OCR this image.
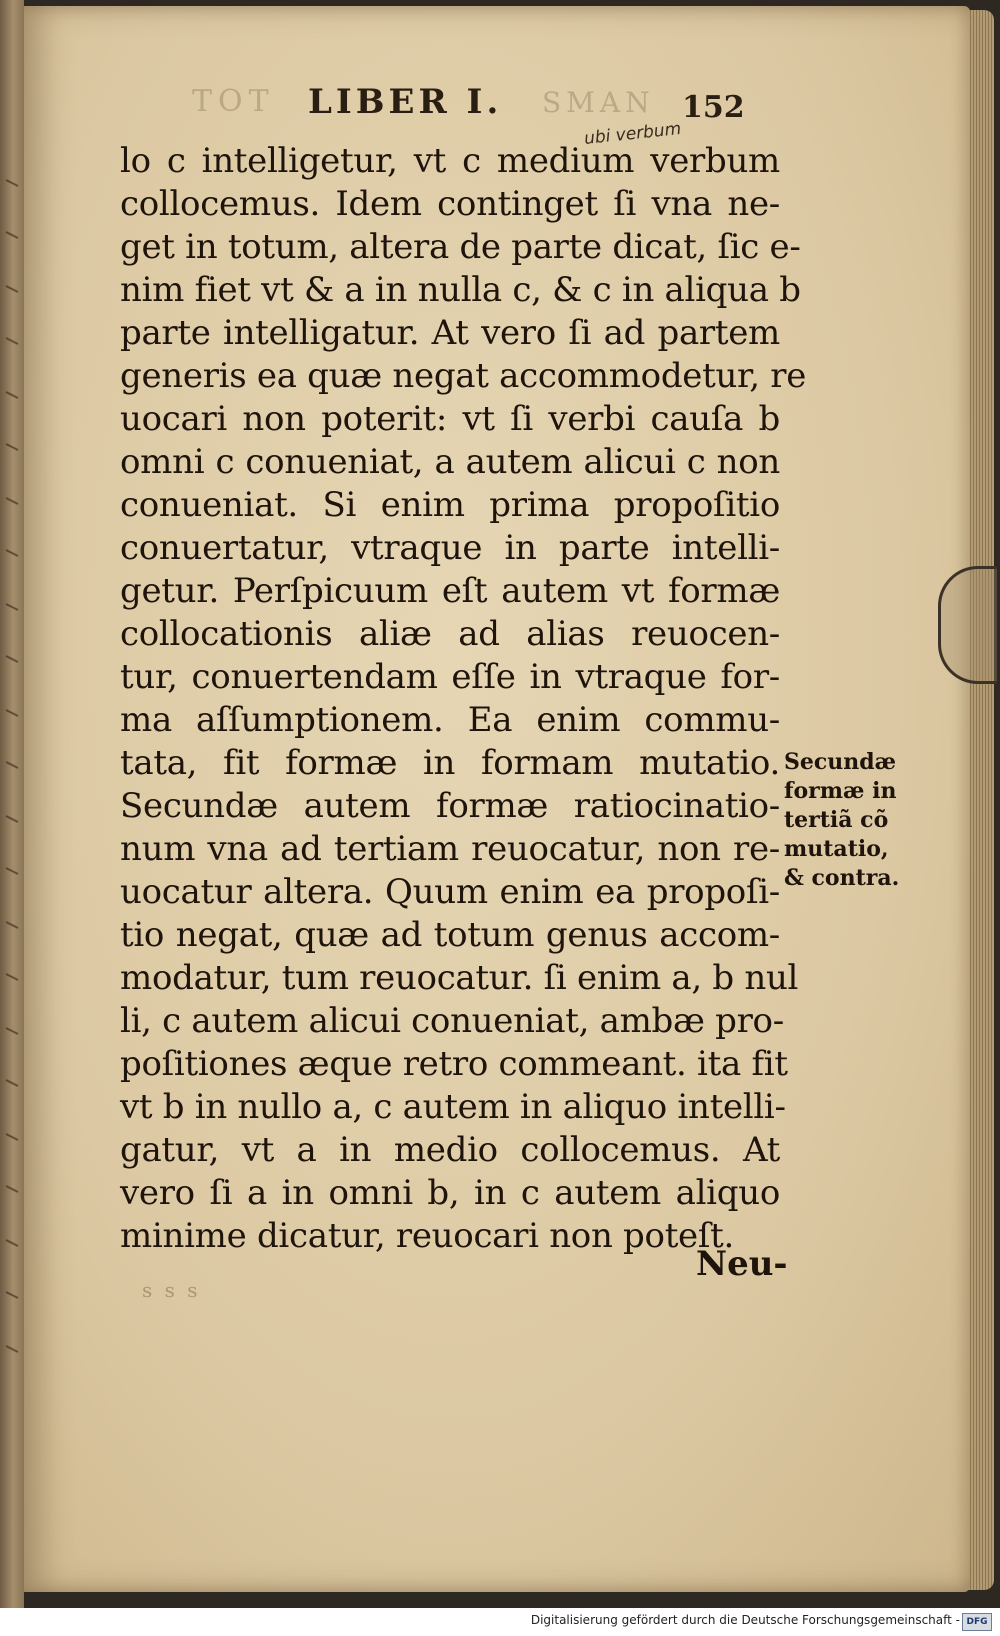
TOT LIBER I. SMAN 152
ubi verbum
lo c intelligetur, vt c medium verbum
collocemus. Idem continget ſi vna ne-
get in totum, altera de parte dicat, ſic e-
nim fiet vt & a in nulla c, & c in aliqua b
parte intelligatur. At vero ſi ad partem
generis ea quæ negat accommodetur, re
uocari non poterit: vt ſi verbi cauſa b
omni c conueniat, a autem alicui c non
conueniat. Si enim prima propoſitio
conuertatur, vtraque in parte intelli-
getur. Perſpicuum eſt autem vt formæ
collocationis aliæ ad alias reuocen-
tur, conuertendam eſſe in vtraque for-
ma aſſumptionem. Ea enim commu-
tata, fit formæ in formam mutatio.
Secundæ autem formæ ratiocinatio-
num vna ad tertiam reuocatur, non re-
uocatur altera. Quum enim ea propoſi-
tio negat, quæ ad totum genus accom-
modatur, tum reuocatur. ſi enim a, b nul
li, c autem alicui conueniat, ambæ pro-
poſitiones æque retro commeant. ita fit
vt b in nullo a, c autem in aliquo intelli-
gatur, vt a in medio collocemus. At
vero ſi a in omni b, in c autem aliquo
minime dicatur, reuocari non poteſt.
Neu-
s s s
Secundæ
formæ in
tertiã cõ
mutatio,
& contra.
Digitalisierung gefördert durch die Deutsche Forschungsgemeinschaft - DFG
